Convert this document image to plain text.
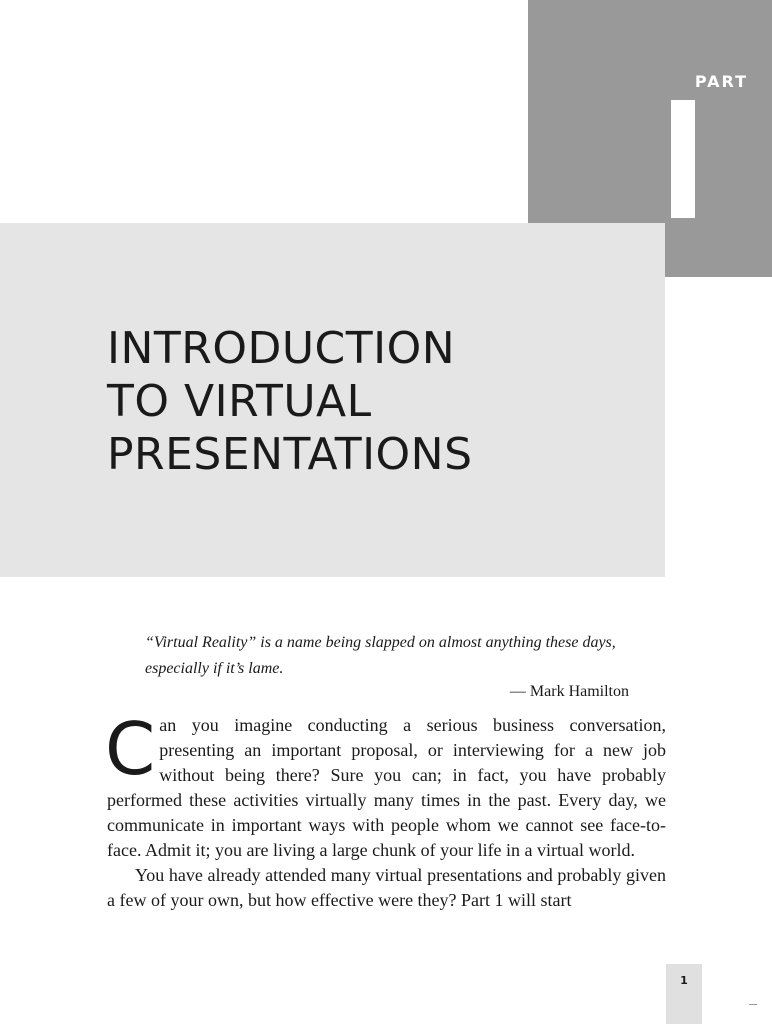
PART
INTRODUCTION
TO VIRTUAL
PRESENTATIONS
“Virtual Reality” is a name being slapped on almost anything these days, especially if it’s lame.
— Mark Hamilton

Can you imagine conducting a serious business conversation, presenting an important proposal, or interviewing for a new job without being there? Sure you can; in fact, you have probably performed these activities virtually many times in the past. Every day, we communicate in important ways with people whom we cannot see face-to-face. Admit it; you are living a large chunk of your life in a virtual world.

You have already attended many virtual presentations and probably given a few of your own, but how effective were they? Part 1 will start

1
